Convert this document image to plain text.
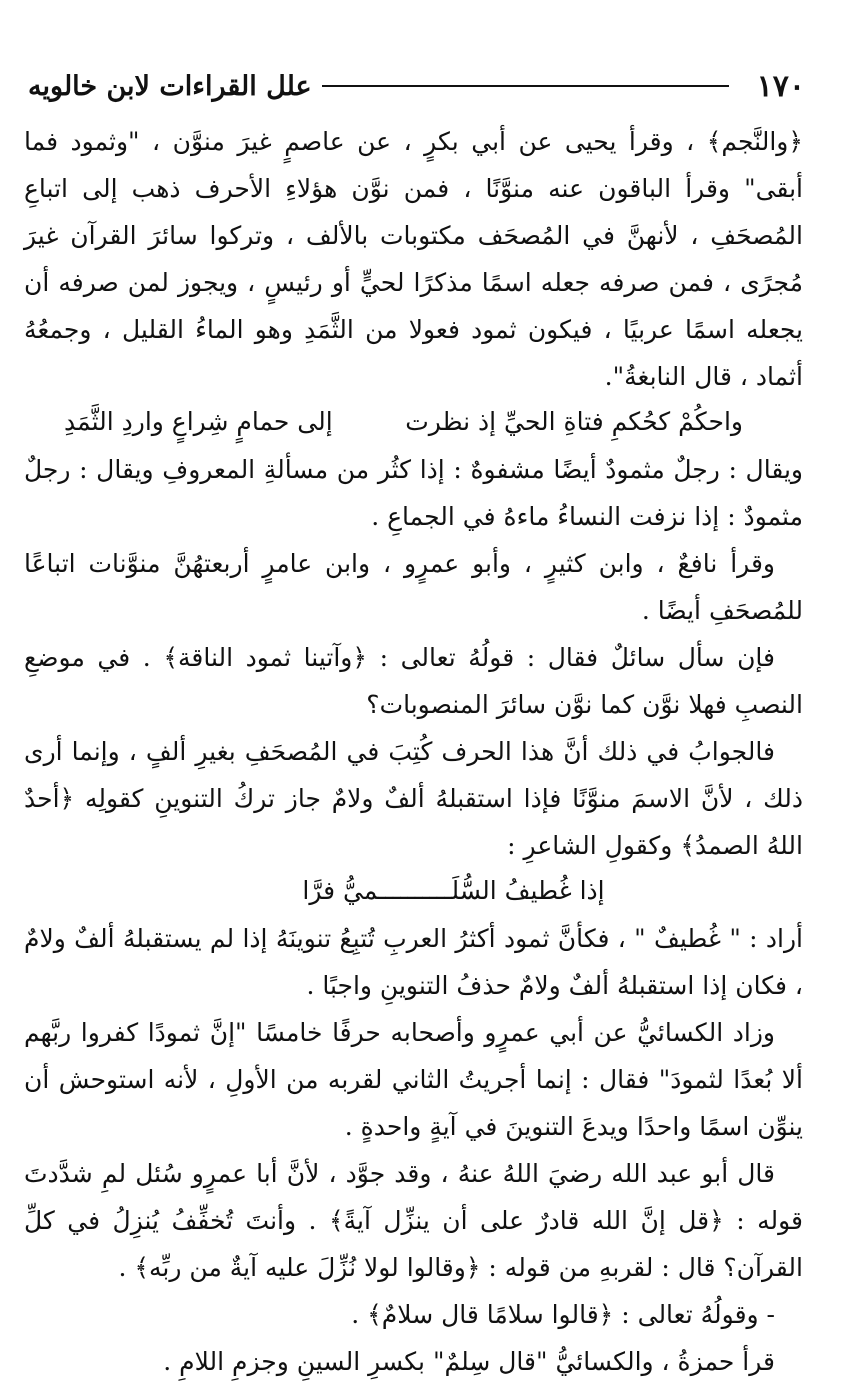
١٧٠
علل القراءات لابن خالويه

﴿والنَّجم﴾ ، وقرأ يحيى عن أبي بكرٍ ، عن عاصمٍ غيرَ منوَّن ، "وثمود فما أبقى" وقرأ الباقون عنه منوَّنًا ، فمن نوَّن هؤلاءِ الأحرف ذهب إلى اتباعِ المُصحَفِ ، لأنهنَّ في المُصحَف مكتوبات بالألف ، وتركوا سائرَ القرآن غيرَ مُجرًى ، فمن صرفه جعله اسمًا مذكرًا لحيٍّ أو رئيسٍ ، ويجوز لمن صرفه أن يجعله اسمًا عربيًا ، فيكون ثمود فعولا من الثَّمَدِ وهو الماءُ القليل ، وجمعُهُ أثماد ، قال النابغةُ".

واحكُمْ كحُكمِ فتاةِ الحيِّ إذ نظرت
إلى حمامٍ شِراعٍ واردِ الثَّمَدِ

ويقال : رجلٌ مثمودٌ أيضًا مشفوهٌ : إذا كثُر من مسألةِ المعروفِ ويقال : رجلٌ مثمودٌ : إذا نزفت النساءُ ماءهُ في الجماعِ .

وقرأ نافعٌ ، وابن كثيرٍ ، وأبو عمرٍو ، وابن عامرٍ أربعتهُنَّ منوَّنات اتباعًا للمُصحَفِ أيضًا .

فإن سأل سائلٌ فقال : قولُهُ تعالى : ﴿وآتينا ثمود الناقة﴾ . في موضعِ النصبِ فهلا نوَّن كما نوَّن سائرَ المنصوبات؟

فالجوابُ في ذلك أنَّ هذا الحرف كُتِبَ في المُصحَفِ بغيرِ ألفٍ ، وإنما أرى ذلك ، لأنَّ الاسمَ منوَّنًا فإذا استقبلهُ ألفٌ ولامٌ جاز تركُ التنوينِ كقولِه ﴿أحدٌ اللهُ الصمدُ﴾ وكقولِ الشاعرِ :

إذا غُطيفُ السُّلَــــــــــميُّ فرَّا

أراد : " غُطيفٌ " ، فكأنَّ ثمود أكثرُ العربِ تُتبِعُ تنوينَهُ إذا لم يستقبلهُ ألفٌ ولامٌ ، فكان إذا استقبلهُ ألفٌ ولامٌ حذفُ التنوينِ واجبًا .

وزاد الكسائيُّ عن أبي عمرٍو وأصحابه حرفًا خامسًا "إنَّ ثمودًا كفروا ربَّهم ألا بُعدًا لثمودَ" فقال : إنما أجريتُ الثاني لقربه من الأولِ ، لأنه استوحش أن ينوِّن اسمًا واحدًا ويدعَ التنوينَ في آيةٍ واحدةٍ .

قال أبو عبد الله رضيَ اللهُ عنهُ ، وقد جوَّد ، لأنَّ أبا عمرٍو سُئل لمِ شدَّدتَ قوله : ﴿قل إنَّ الله قادرٌ على أن ينزِّل آيةً﴾ . وأنتَ تُخفِّفُ يُنزِلُ في كلِّ القرآن؟ قال : لقربهِ من قوله : ﴿وقالوا لولا نُزِّلَ عليه آيةٌ من ربِّه﴾ .

- وقولُهُ تعالى : ﴿قالوا سلامًا قال سلامٌ﴾ .

قرأ حمزةُ ، والكسائيُّ "قال سِلمٌ" بكسرِ السينِ وجزمِ اللامِ .
